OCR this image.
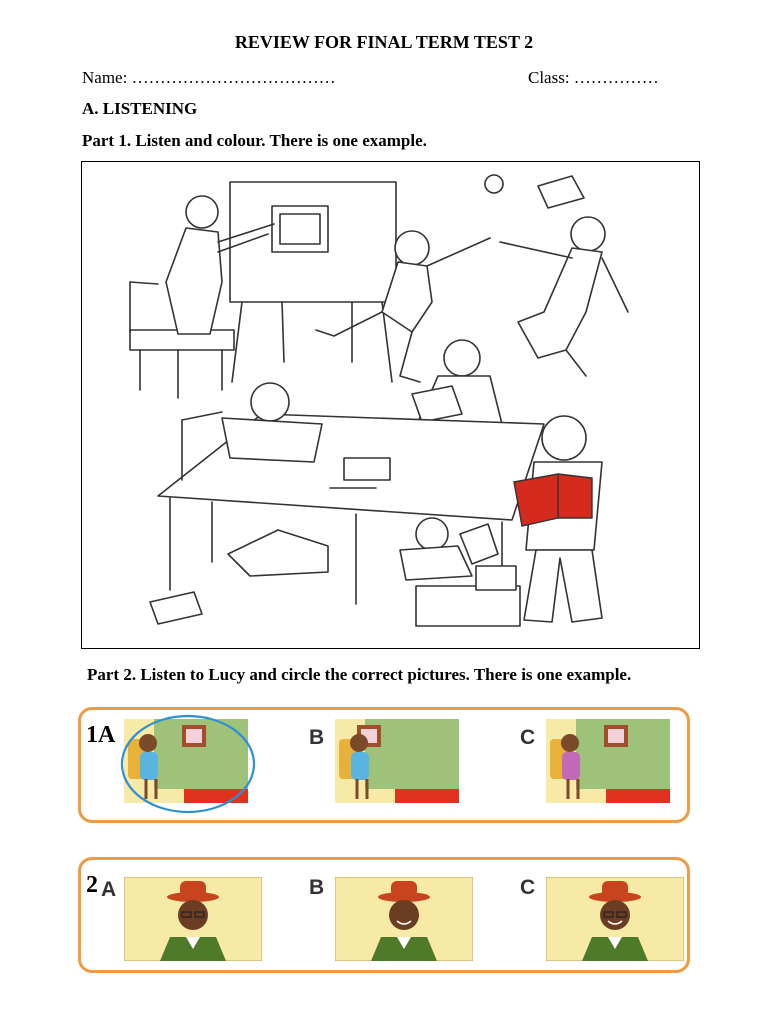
REVIEW FOR FINAL TERM TEST 2
Name: ………………………………	Class: ……………
A. LISTENING
Part 1. Listen and colour. There is one example.
Part 2. Listen to Lucy and circle the correct pictures. There is one example.
1A	B	C
2 A	B	C
